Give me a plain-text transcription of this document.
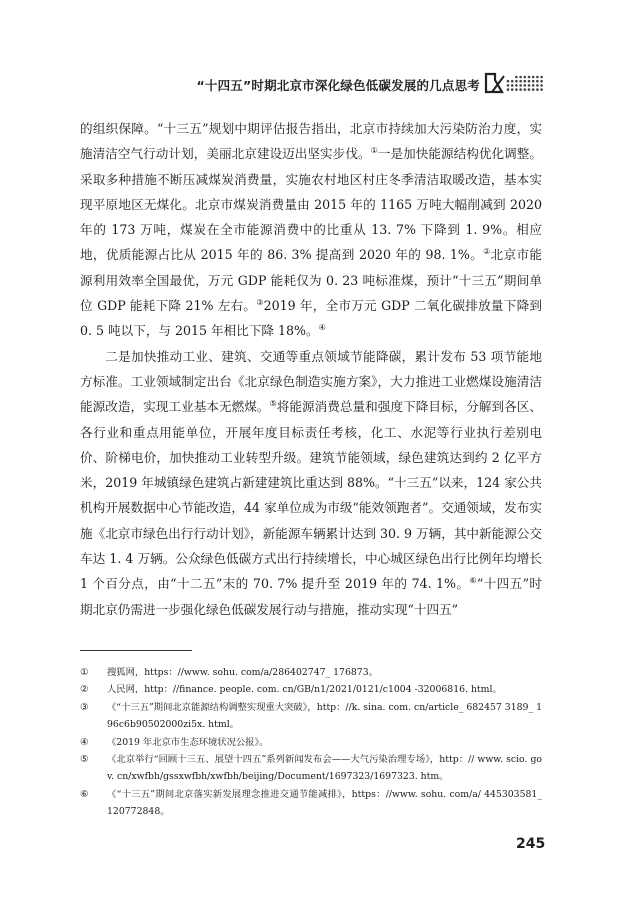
“十四五”时期北京市深化绿色低碳发展的几点思考

的组织保障。“十三五”规划中期评估报告指出，北京市持续加大污染防治力度，实施清洁空气行动计划，美丽北京建设迈出坚实步伐。①一是加快能源结构优化调整。采取多种措施不断压减煤炭消费量，实施农村地区村庄冬季清洁取暖改造，基本实现平原地区无煤化。北京市煤炭消费量由 2015 年的 1165 万吨大幅削减到 2020 年的 173 万吨，煤炭在全市能源消费中的比重从 13. 7% 下降到 1. 9%。相应地，优质能源占比从 2015 年的 86. 3% 提高到 2020 年的 98. 1%。②北京市能源利用效率全国最优，万元 GDP 能耗仅为 0. 23 吨标准煤，预计“十三五”期间单位 GDP 能耗下降 21% 左右。③2019 年，全市万元 GDP 二氧化碳排放量下降到 0. 5 吨以下，与 2015 年相比下降 18%。④

二是加快推动工业、建筑、交通等重点领域节能降碳，累计发布 53 项节能地方标准。工业领域制定出台《北京绿色制造实施方案》，大力推进工业燃煤设施清洁能源改造，实现工业基本无燃煤。⑤将能源消费总量和强度下降目标，分解到各区、各行业和重点用能单位，开展年度目标责任考核，化工、水泥等行业执行差别电价、阶梯电价，加快推动工业转型升级。建筑节能领域，绿色建筑达到约 2 亿平方米，2019 年城镇绿色建筑占新建建筑比重达到 88%。“十三五”以来，124 家公共机构开展数据中心节能改造，44 家单位成为市级“能效领跑者”。交通领域，发布实施《北京市绿色出行行动计划》，新能源车辆累计达到 30. 9 万辆，其中新能源公交车达 1. 4 万辆。公众绿色低碳方式出行持续增长，中心城区绿色出行比例年均增长 1 个百分点，由“十二五”末的 70. 7% 提升至 2019 年的 74. 1%。⑥“十四五”时期北京仍需进一步强化绿色低碳发展行动与措施，推动实现“十四五”

①	搜狐网，https：//www. sohu. com/a/286402747_ 176873。
②	人民网，http：//finance. people. com. cn/GB/n1/2021/0121/c1004 -32006816. html。
③	《“十三五”期间北京能源结构调整实现重大突破》，http：//k. sina. com. cn/article_ 682457 3189_ 196c6b90502000zi5x. html。
④	《2019 年北京市生态环境状况公报》。
⑤	《北京举行“回顾十三五、展望十四五”系列新闻发布会——大气污染治理专场》，http：// www. scio. gov. cn/xwfbh/gssxwfbh/xwfbh/beijing/Document/1697323/1697323. htm。
⑥	《“十三五”期间北京落实新发展理念推进交通节能减排》，https：//www. sohu. com/a/ 445303581_ 120772848。
245
